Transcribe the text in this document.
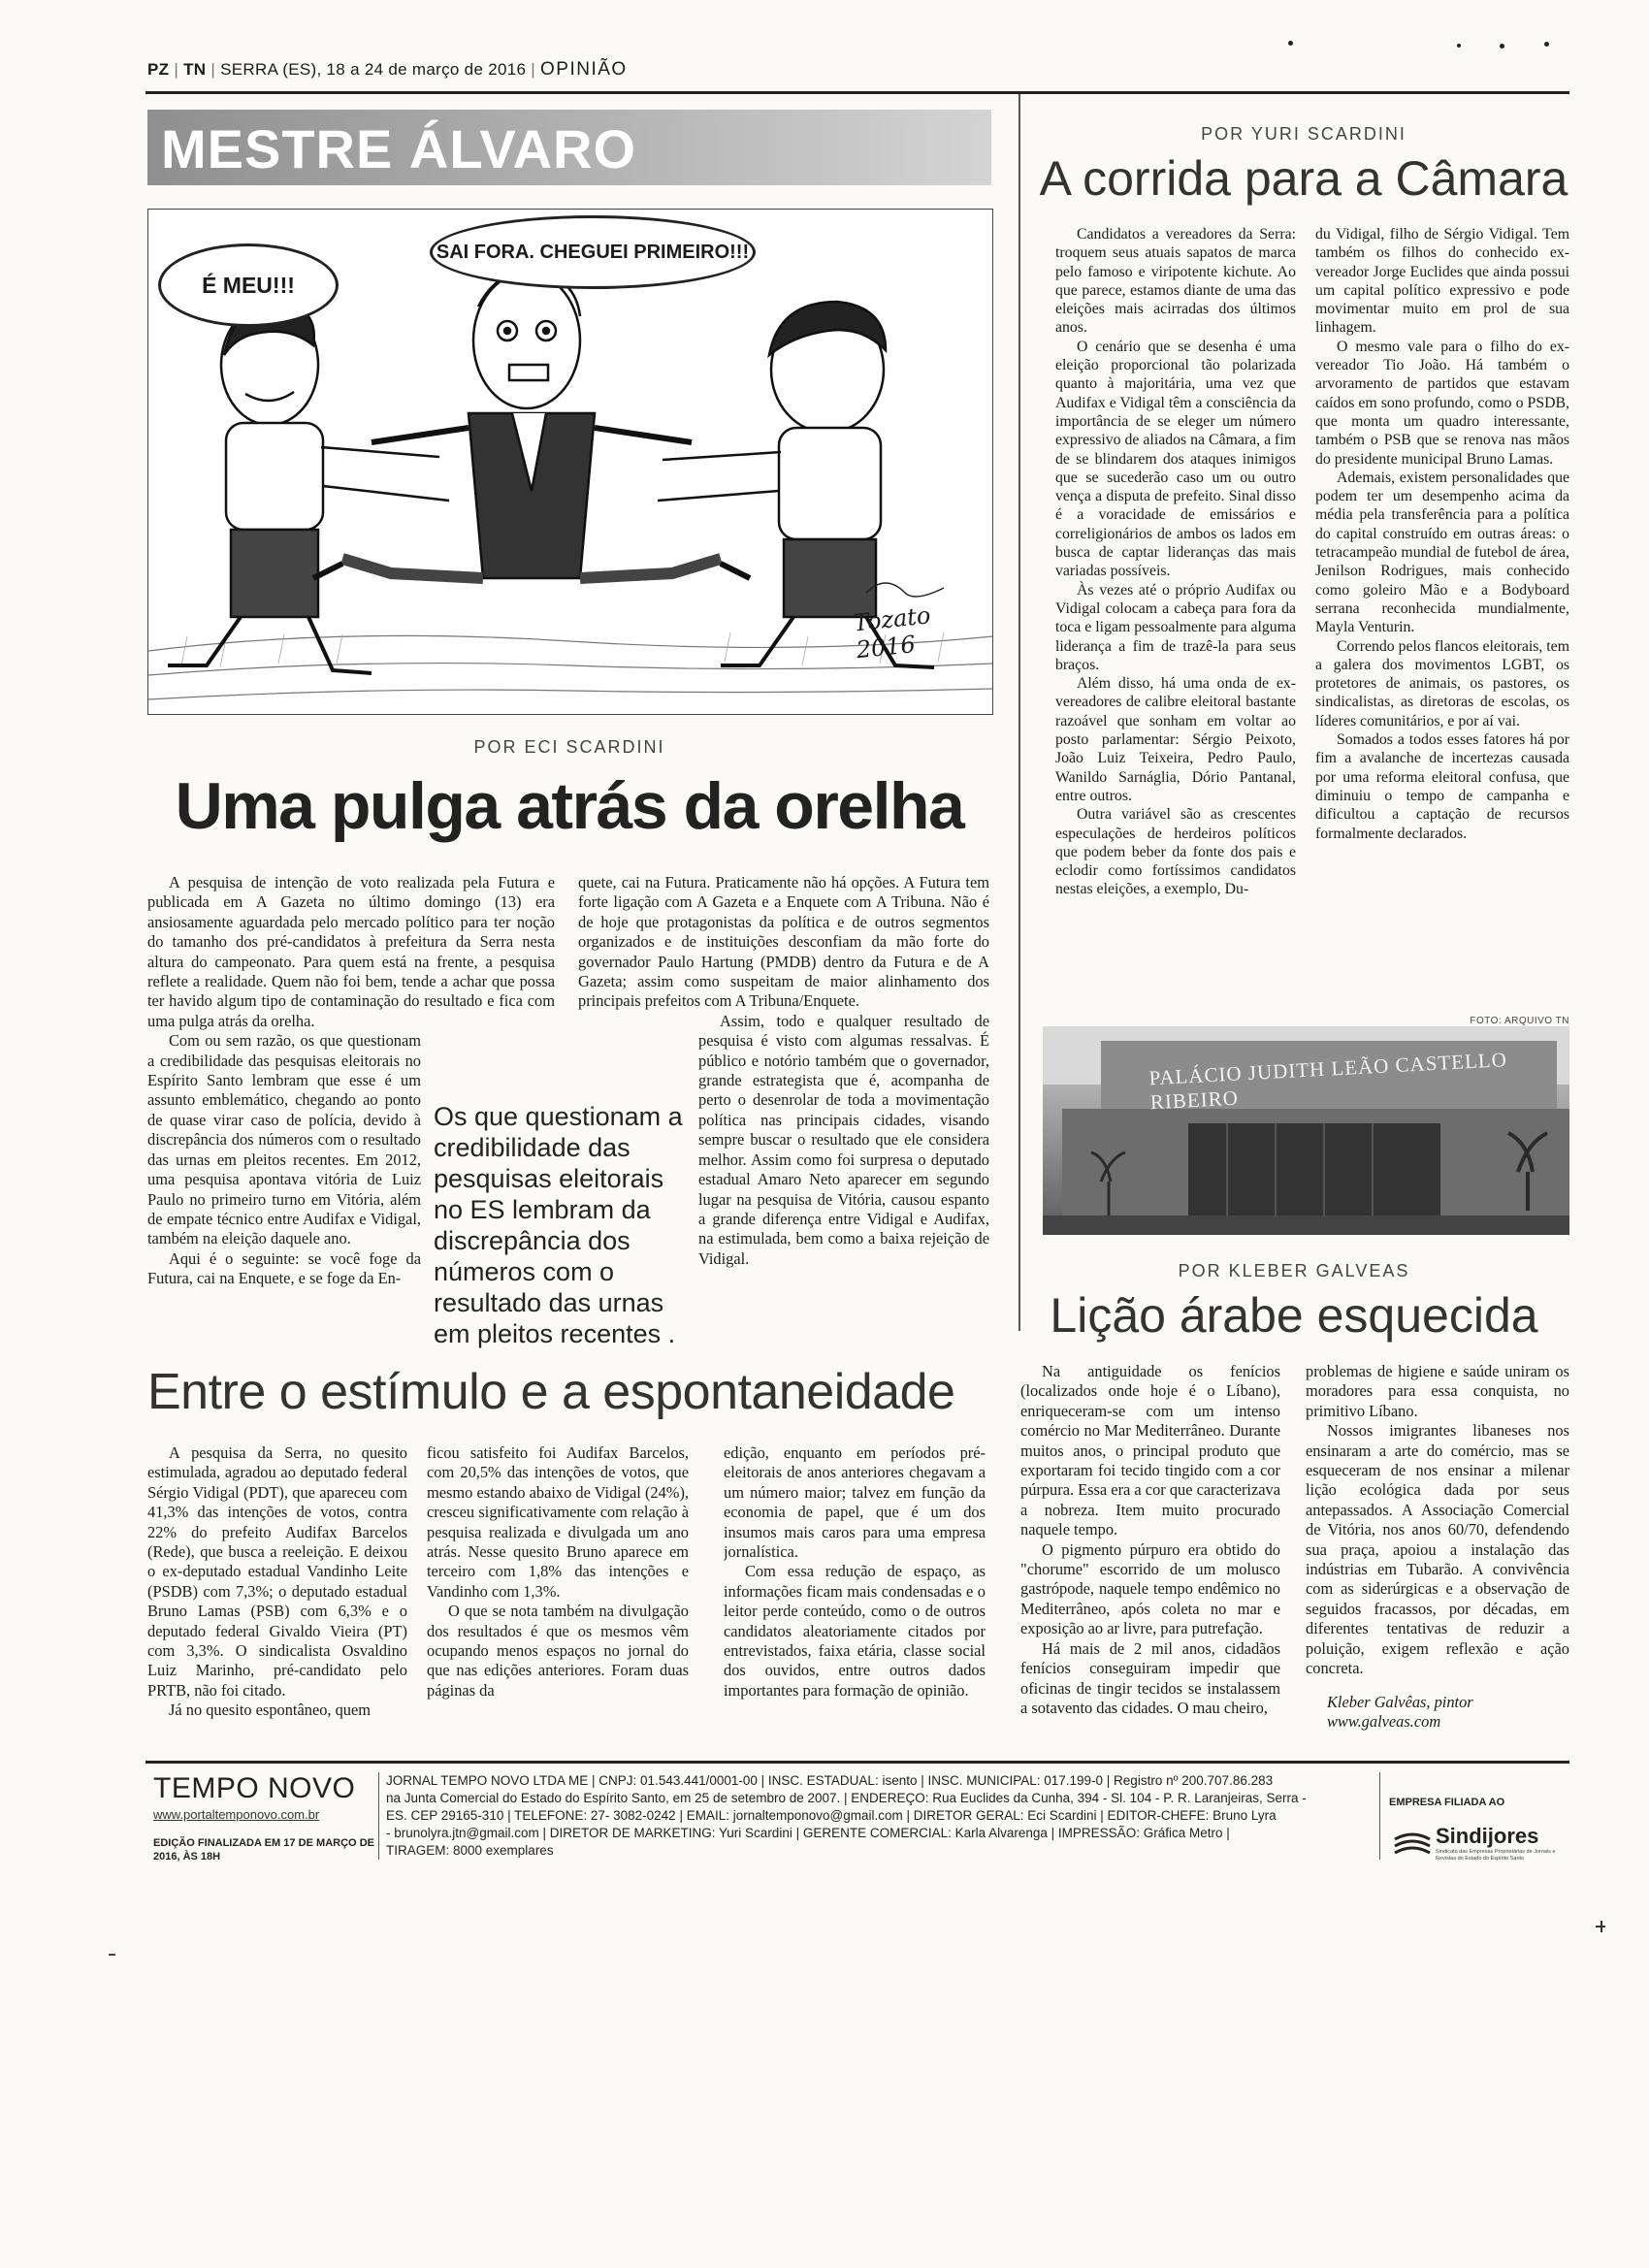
PZ | TN | SERRA (ES), 18 a 24 de março de 2016 | OPINIÃO
MESTRE ÁLVARO
É MEU!!!
SAI FORA. CHEGUEI PRIMEIRO!!!
Tozato 2016
POR ECI SCARDINI
Uma pulga atrás da orelha

A pesquisa de intenção de voto realizada pela Futura e publicada em A Gazeta no último domingo (13) era ansiosamente aguardada pelo mercado político para ter noção do tamanho dos pré-candidatos à prefeitura da Serra nesta altura do campeonato. Para quem está na frente, a pesquisa reflete a realidade. Quem não foi bem, tende a achar que possa ter havido algum tipo de contaminação do resultado e fica com uma pulga atrás da orelha.

Com ou sem razão, os que questionam a credibilidade das pesquisas eleitorais no Espírito Santo lembram que esse é um assunto emblemático, chegando ao ponto de quase virar caso de polícia, devido à discrepância dos números com o resultado das urnas em pleitos recentes. Em 2012, uma pesquisa apontava vitória de Luiz Paulo no primeiro turno em Vitória, além de empate técnico entre Audifax e Vidigal, também na eleição daquele ano.

Aqui é o seguinte: se você foge da Futura, cai na Enquete, e se foge da En-

quete, cai na Futura. Praticamente não há opções. A Futura tem forte ligação com A Gazeta e a Enquete com A Tribuna. Não é de hoje que protagonistas da política e de outros segmentos organizados e de instituições desconfiam da mão forte do governador Paulo Hartung (PMDB) dentro da Futura e de A Gazeta; assim como suspeitam de maior alinhamento dos principais prefeitos com A Tribuna/Enquete.

Assim, todo e qualquer resultado de pesquisa é visto com algumas ressalvas. É público e notório também que o governador, grande estrategista que é, acompanha de perto o desenrolar de toda a movimentação política nas principais cidades, visando sempre buscar o resultado que ele considera melhor. Assim como foi surpresa o deputado estadual Amaro Neto aparecer em segundo lugar na pesquisa de Vitória, causou espanto a grande diferença entre Vidigal e Audifax, na estimulada, bem como a baixa rejeição de Vidigal.

Os que questionam a credibilidade das pesquisas eleitorais no ES lembram da discrepância dos números com o resultado das urnas em pleitos recentes .
Entre o estímulo e a espontaneidade

A pesquisa da Serra, no quesito estimulada, agradou ao deputado federal Sérgio Vidigal (PDT), que apareceu com 41,3% das intenções de votos, contra 22% do prefeito Audifax Barcelos (Rede), que busca a reeleição. E deixou o ex-deputado estadual Vandinho Leite (PSDB) com 7,3%; o deputado estadual Bruno Lamas (PSB) com 6,3% e o deputado federal Givaldo Vieira (PT) com 3,3%. O sindicalista Osvaldino Luiz Marinho, pré-candidato pelo PRTB, não foi citado.

Já no quesito espontâneo, quem

ficou satisfeito foi Audifax Barcelos, com 20,5% das intenções de votos, que mesmo estando abaixo de Vidigal (24%), cresceu significativamente com relação à pesquisa realizada e divulgada um ano atrás. Nesse quesito Bruno aparece em terceiro com 1,8% das intenções e Vandinho com 1,3%.

O que se nota também na divulgação dos resultados é que os mesmos vêm ocupando menos espaços no jornal do que nas edições anteriores. Foram duas páginas da

edição, enquanto em períodos pré-eleitorais de anos anteriores chegavam a um número maior; talvez em função da economia de papel, que é um dos insumos mais caros para uma empresa jornalística.

Com essa redução de espaço, as informações ficam mais condensadas e o leitor perde conteúdo, como o de outros candidatos aleatoriamente citados por entrevistados, faixa etária, classe social dos ouvidos, entre outros dados importantes para formação de opinião.

POR YURI SCARDINI
A corrida para a Câmara

Candidatos a vereadores da Serra: troquem seus atuais sapatos de marca pelo famoso e viripotente kichute. Ao que parece, estamos diante de uma das eleições mais acirradas dos últimos anos.

O cenário que se desenha é uma eleição proporcional tão polarizada quanto à majoritária, uma vez que Audifax e Vidigal têm a consciência da importância de se eleger um número expressivo de aliados na Câmara, a fim de se blindarem dos ataques inimigos que se sucederão caso um ou outro vença a disputa de prefeito. Sinal disso é a voracidade de emissários e correligionários de ambos os lados em busca de captar lideranças das mais variadas possíveis.

Às vezes até o próprio Audifax ou Vidigal colocam a cabeça para fora da toca e ligam pessoalmente para alguma liderança a fim de trazê-la para seus braços.

Além disso, há uma onda de ex-vereadores de calibre eleitoral bastante razoável que sonham em voltar ao posto parlamentar: Sérgio Peixoto, João Luiz Teixeira, Pedro Paulo, Wanildo Sarnáglia, Dório Pantanal, entre outros.

Outra variável são as crescentes especulações de herdeiros políticos que podem beber da fonte dos pais e eclodir como fortíssimos candidatos nestas eleições, a exemplo, Du-

du Vidigal, filho de Sérgio Vidigal. Tem também os filhos do conhecido ex-vereador Jorge Euclides que ainda possui um capital político expressivo e pode movimentar muito em prol de sua linhagem.

O mesmo vale para o filho do ex-vereador Tio João. Há também o arvoramento de partidos que estavam caídos em sono profundo, como o PSDB, que monta um quadro interessante, também o PSB que se renova nas mãos do presidente municipal Bruno Lamas.

Ademais, existem personalidades que podem ter um desempenho acima da média pela transferência para a política do capital construído em outras áreas: o tetracampeão mundial de futebol de área, Jenilson Rodrigues, mais conhecido como goleiro Mão e a Bodyboard serrana reconhecida mundialmente, Mayla Venturin.

Correndo pelos flancos eleitorais, tem a galera dos movimentos LGBT, os protetores de animais, os pastores, os sindicalistas, as diretoras de escolas, os líderes comunitários, e por aí vai.

Somados a todos esses fatores há por fim a avalanche de incertezas causada por uma reforma eleitoral confusa, que diminuiu o tempo de campanha e dificultou a captação de recursos formalmente declarados.

FOTO: ARQUIVO TN
PALÁCIO JUDITH LEÃO CASTELLO RIBEIRO
POR KLEBER GALVEAS
Lição árabe esquecida

Na antiguidade os fenícios (localizados onde hoje é o Líbano), enriqueceram-se com um intenso comércio no Mar Mediterrâneo. Durante muitos anos, o principal produto que exportaram foi tecido tingido com a cor púrpura. Essa era a cor que caracterizava a nobreza. Item muito procurado naquele tempo.

O pigmento púrpuro era obtido do "chorume" escorrido de um molusco gastrópode, naquele tempo endêmico no Mediterrâneo, após coleta no mar e exposição ao ar livre, para putrefação.

Há mais de 2 mil anos, cidadãos fenícios conseguiram impedir que oficinas de tingir tecidos se instalassem a sotavento das cidades. O mau cheiro,

problemas de higiene e saúde uniram os moradores para essa conquista, no primitivo Líbano.

Nossos imigrantes libaneses nos ensinaram a arte do comércio, mas se esqueceram de nos ensinar a milenar lição ecológica dada por seus antepassados. A Associação Comercial de Vitória, nos anos 60/70, defendendo sua praça, apoiou a instalação das indústrias em Tubarão. A convivência com as siderúrgicas e a observação de seguidos fracassos, por décadas, em diferentes tentativas de reduzir a poluição, exigem reflexão e ação concreta.

Kleber Galvêas, pintor

www.galveas.com

TEMPO NOVO
www.portaltemponovo.com.br
EDIÇÃO FINALIZADA EM 17 DE MARÇO DE 2016, ÀS 18H
JORNAL TEMPO NOVO LTDA ME | CNPJ: 01.543.441/0001-00 | INSC. ESTADUAL: isento | INSC. MUNICIPAL: 017.199-0 | Registro nº 200.707.86.283
na Junta Comercial do Estado do Espírito Santo, em 25 de setembro de 2007. | ENDEREÇO: Rua Euclides da Cunha, 394 - Sl. 104 - P. R. Laranjeiras, Serra -
ES. CEP 29165-310 | TELEFONE: 27- 3082-0242 | EMAIL: jornaltemponovo@gmail.com | DIRETOR GERAL: Eci Scardini | EDITOR-CHEFE: Bruno Lyra
- brunolyra.jtn@gmail.com | DIRETOR DE MARKETING: Yuri Scardini | GERENTE COMERCIAL: Karla Alvarenga | IMPRESSÃO: Gráfica Metro |
TIRAGEM: 8000 exemplares
EMPRESA FILIADA AO
Sindijores
Sindicato das Empresas Proprietárias de Jornais e Revistas do Estado do Espírito Santo
